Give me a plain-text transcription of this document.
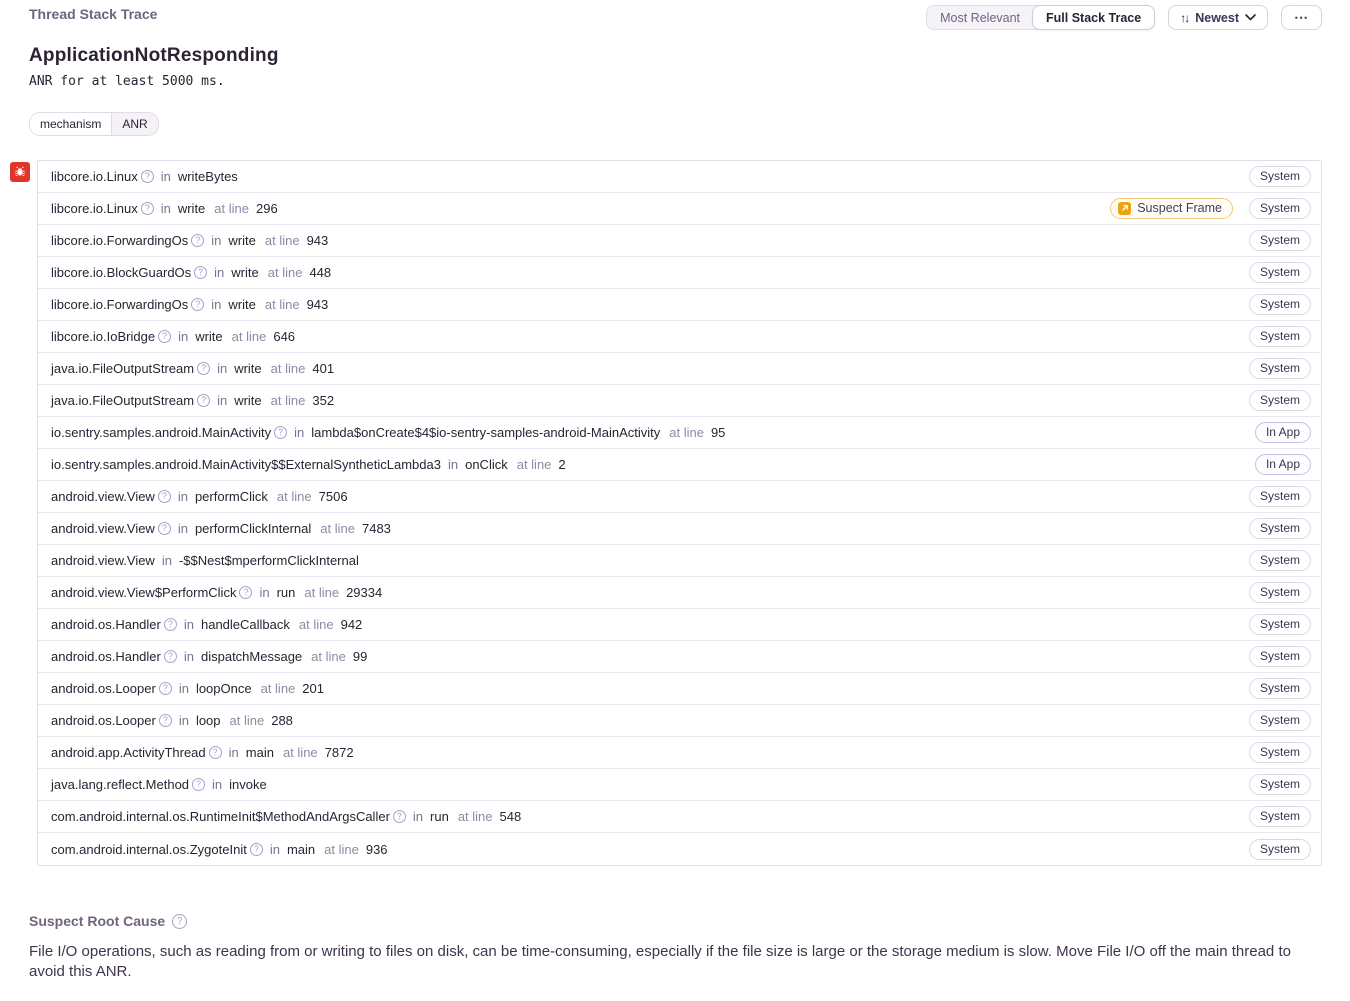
Thread Stack Trace	Most Relevant	Full Stack Trace	↑↓ Newest	⋯
ApplicationNotResponding
ANR for at least 5000 ms.
mechanism	ANR
libcore.io.Linux ? in writeBytes	System
libcore.io.Linux ? in write at line 296	Suspect Frame	System
libcore.io.ForwardingOs ? in write at line 943	System
libcore.io.BlockGuardOs ? in write at line 448	System
libcore.io.ForwardingOs ? in write at line 943	System
libcore.io.IoBridge ? in write at line 646	System
java.io.FileOutputStream ? in write at line 401	System
java.io.FileOutputStream ? in write at line 352	System
io.sentry.samples.android.MainActivity ? in lambda$onCreate$4$io-sentry-samples-android-MainActivity at line 95	In App
io.sentry.samples.android.MainActivity$$ExternalSyntheticLambda3 in onClick at line 2	In App
android.view.View ? in performClick at line 7506	System
android.view.View ? in performClickInternal at line 7483	System
android.view.View in -$$Nest$mperformClickInternal	System
android.view.View$PerformClick ? in run at line 29334	System
android.os.Handler ? in handleCallback at line 942	System
android.os.Handler ? in dispatchMessage at line 99	System
android.os.Looper ? in loopOnce at line 201	System
android.os.Looper ? in loop at line 288	System
android.app.ActivityThread ? in main at line 7872	System
java.lang.reflect.Method ? in invoke	System
com.android.internal.os.RuntimeInit$MethodAndArgsCaller ? in run at line 548	System
com.android.internal.os.ZygoteInit ? in main at line 936	System
Suspect Root Cause	?

File I/O operations, such as reading from or writing to files on disk, can be time-consuming, especially if the file size is large or the storage medium is slow. Move File I/O off the main thread to avoid this ANR.
